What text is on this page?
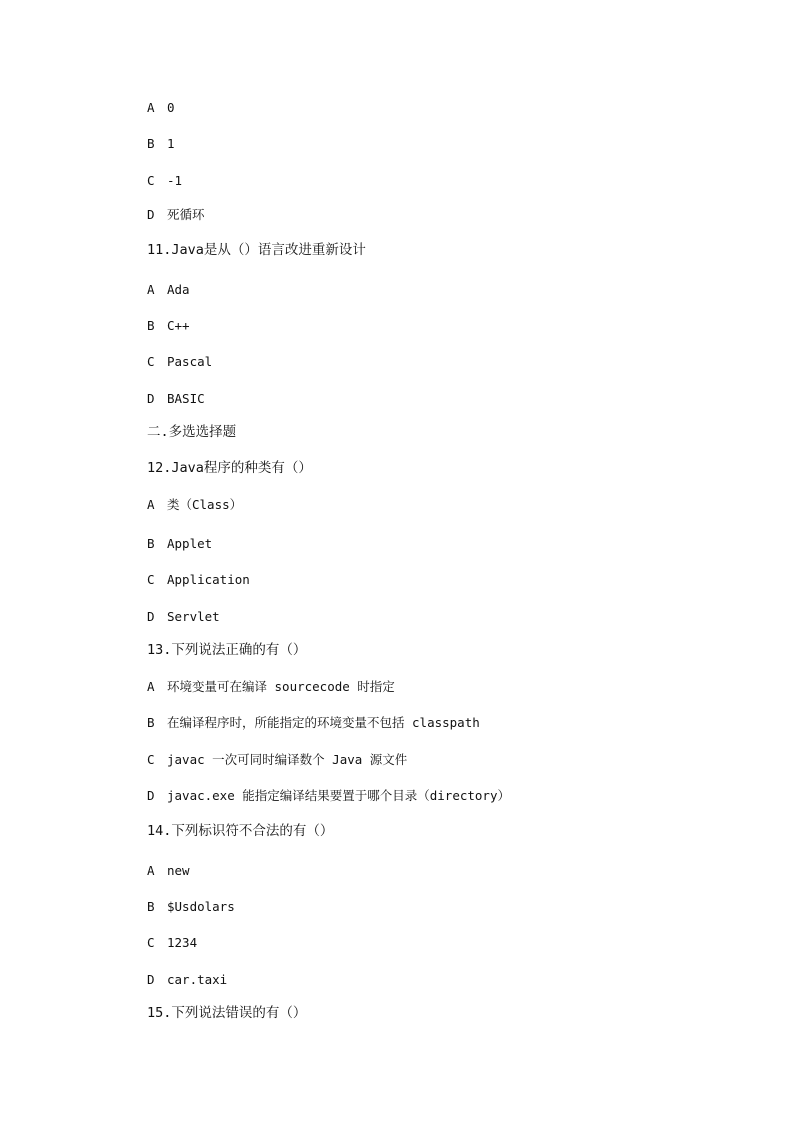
A 0
B 1
C -1
D 死循环
11.Java是从（）语言改进重新设计
A Ada
B C++
C Pascal
D BASIC
二.多选选择题
12.Java程序的种类有（）
A 类（Class）
B Applet
C Application
D Servlet
13.下列说法正确的有（）
A 环境变量可在编译 sourcecode 时指定
B 在编译程序时，所能指定的环境变量不包括 classpath
C javac 一次可同时编译数个 Java 源文件
D javac.exe 能指定编译结果要置于哪个目录（directory）
14.下列标识符不合法的有（）
A new
B $Usdolars
C 1234
D car.taxi
15.下列说法错误的有（）
